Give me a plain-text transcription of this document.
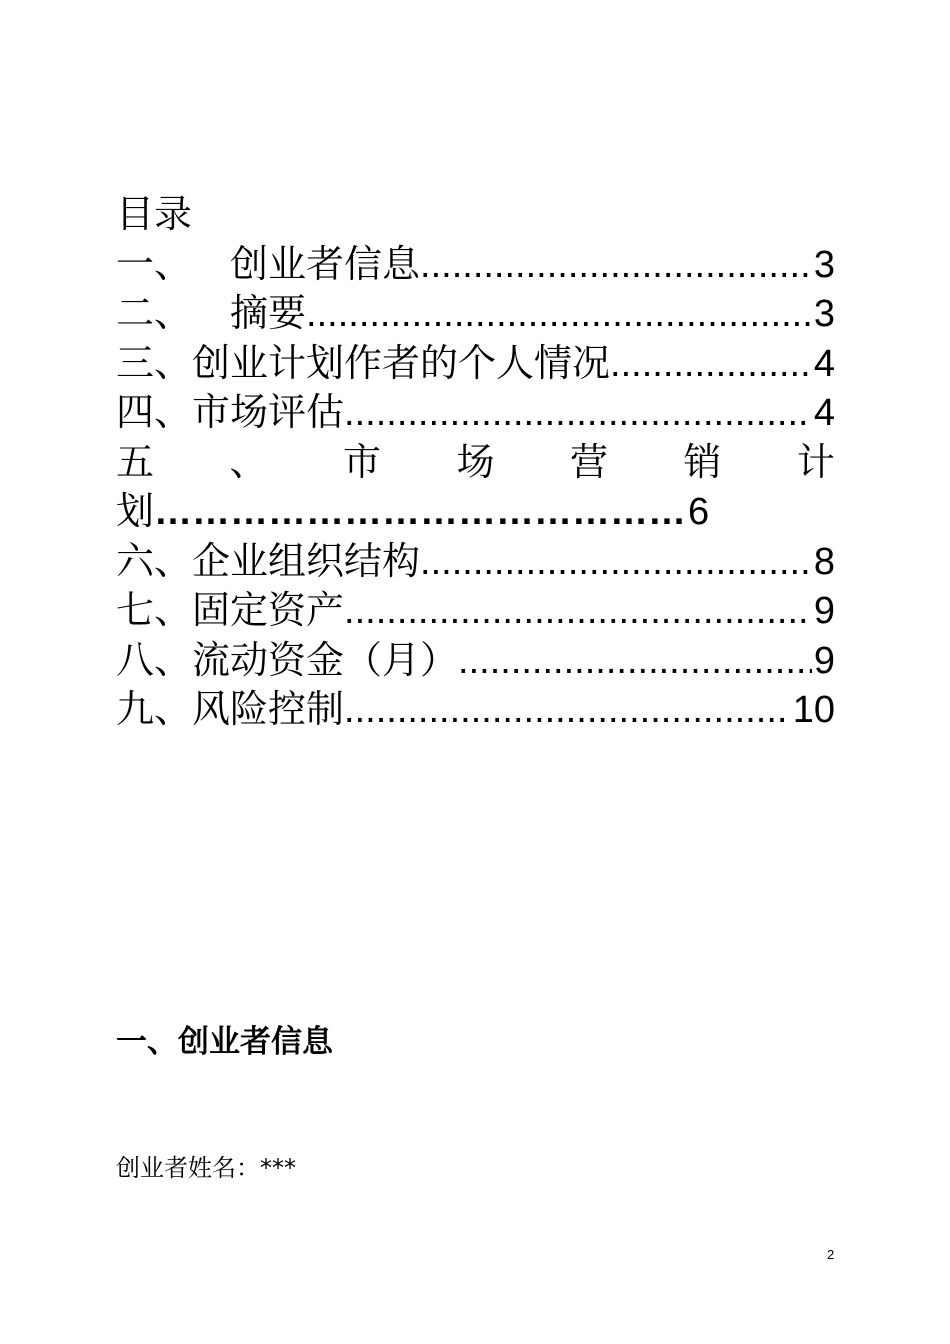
目录
一、 创业者信息 .....	3
二、 摘要 .....	3
三、 创业计划作者的个人情况 .....	4
四、 市场评估 .....	4
五 、 市 场 营 销 计
划 …………………………………… 6
六、 企业组织结构 .....	8
七、 固定资产 .....	9
八、 流动资金（月） .....	9
九、 风险控制 .....	10
一、创业者信息
创业者姓名：***
2
